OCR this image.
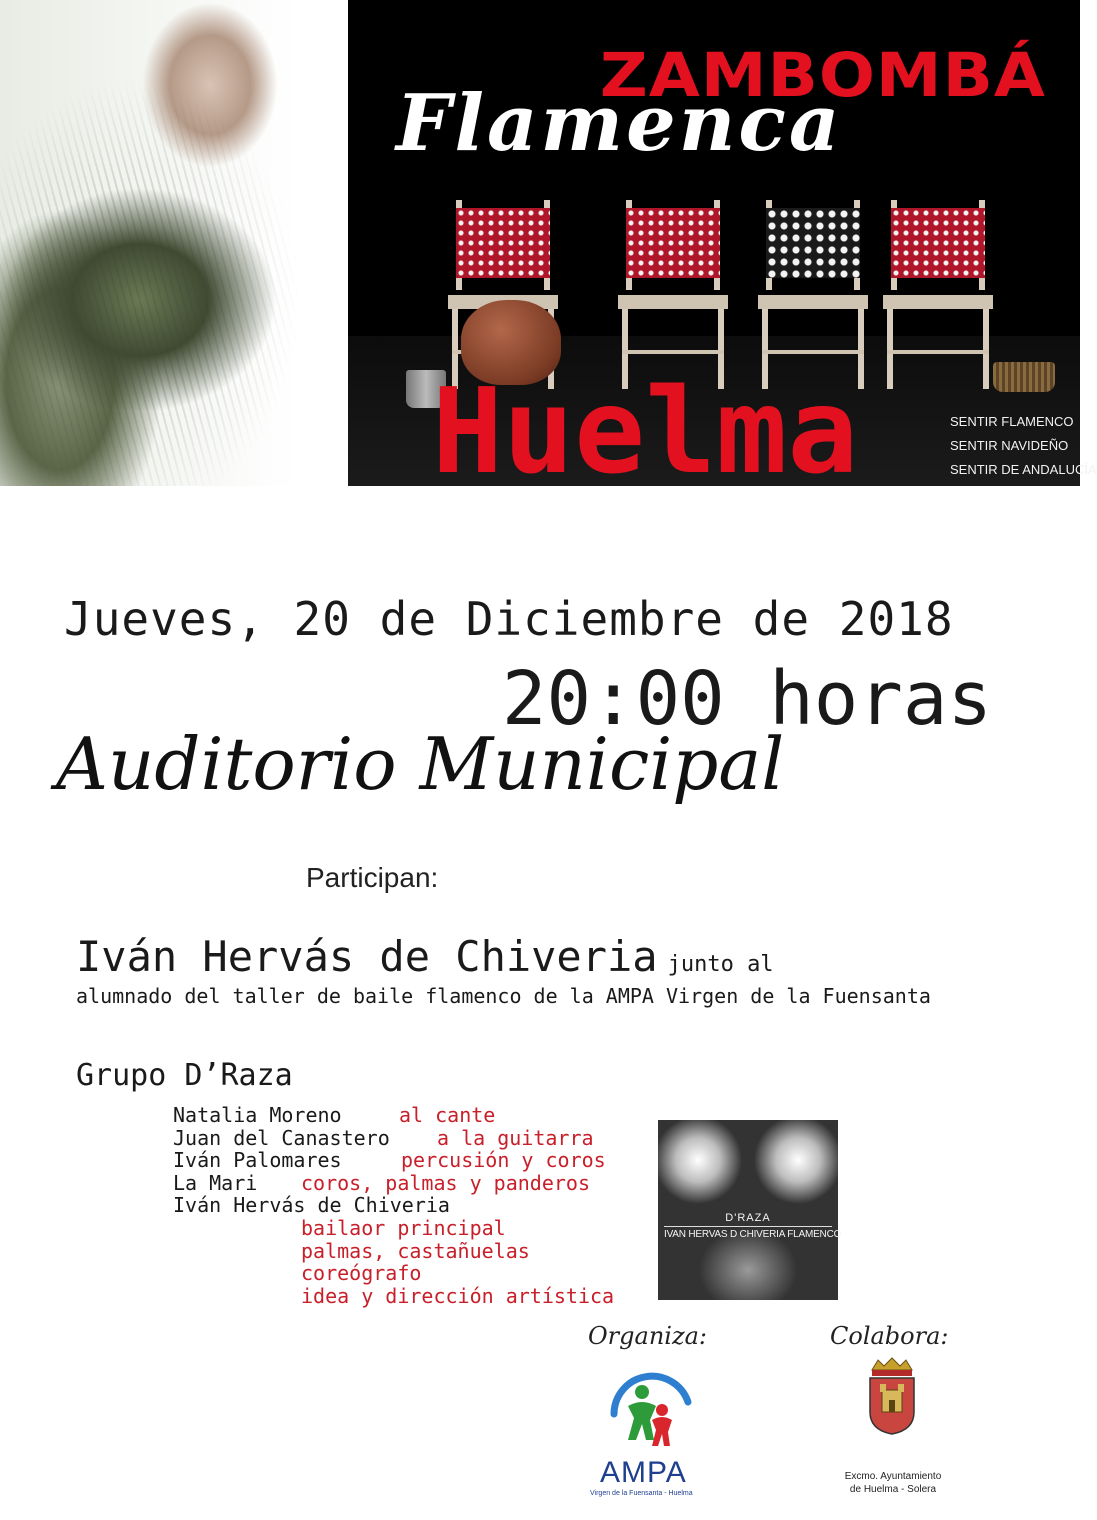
ZAMBOMBÁ
Flamenca
Huelma	SENTIR FLAMENCO
SENTIR NAVIDEÑO
SENTIR DE ANDALUCÍA
Jueves, 20 de Diciembre de 2018
20:00 horas
Auditorio Municipal
Participan:
Iván Hervás de Chiveria junto al
alumnado del taller de baile flamenco de la AMPA Virgen de la Fuensanta
Grupo D’Raza
Natalia Moreno	al cante
Juan del Canastero a la guitarra
Iván Palomares	percusión y coros
La Mari coros, palmas y panderos
Iván Hervás de Chiveria
bailaor principal
palmas, castañuelas
coreógrafo
idea y dirección artística
D'RAZA
IVAN HERVAS D CHIVERIA FLAMENCO
Organiza:	Colabora:
AMPA
Virgen de la Fuensanta - Huelma
Excmo. Ayuntamiento
de Huelma - Solera
